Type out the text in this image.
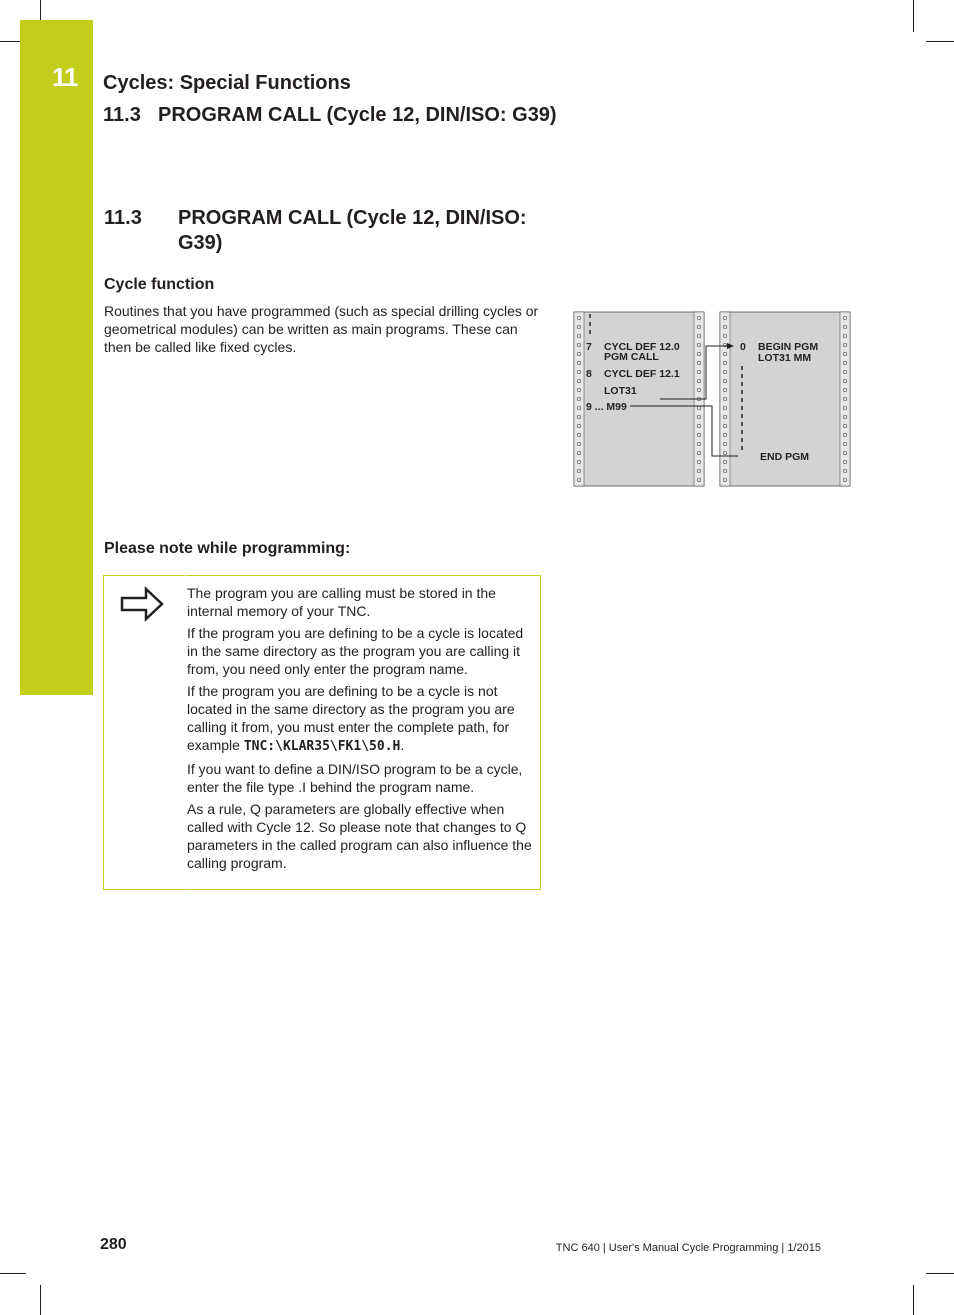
11 Cycles: Special Functions
11.3 PROGRAM CALL (Cycle 12, DIN/ISO: G39)
11.3 PROGRAM CALL (Cycle 12, DIN/ISO: G39)
Cycle function
Routines that you have programmed (such as special drilling cycles or geometrical modules) can be written as main programs. These can then be called like fixed cycles.	7 CYCL DEF 12.0
PGM CALL
8 CYCL DEF 12.1
LOT31
9 ... M99
0 BEGIN PGM
LOT31 MM
END PGM
Please note while programming:

The program you are calling must be stored in the internal memory of your TNC.

If the program you are defining to be a cycle is located in the same directory as the program you are calling it from, you need only enter the program name.

If the program you are defining to be a cycle is not located in the same directory as the program you are calling it from, you must enter the complete path, for example TNC:\KLAR35\FK1\50.H.

If you want to define a DIN/ISO program to be a cycle, enter the file type .I behind the program name.

As a rule, Q parameters are globally effective when called with Cycle 12. So please note that changes to Q parameters in the called program can also influence the calling program.

280	TNC 640 | User's Manual Cycle Programming | 1/2015
